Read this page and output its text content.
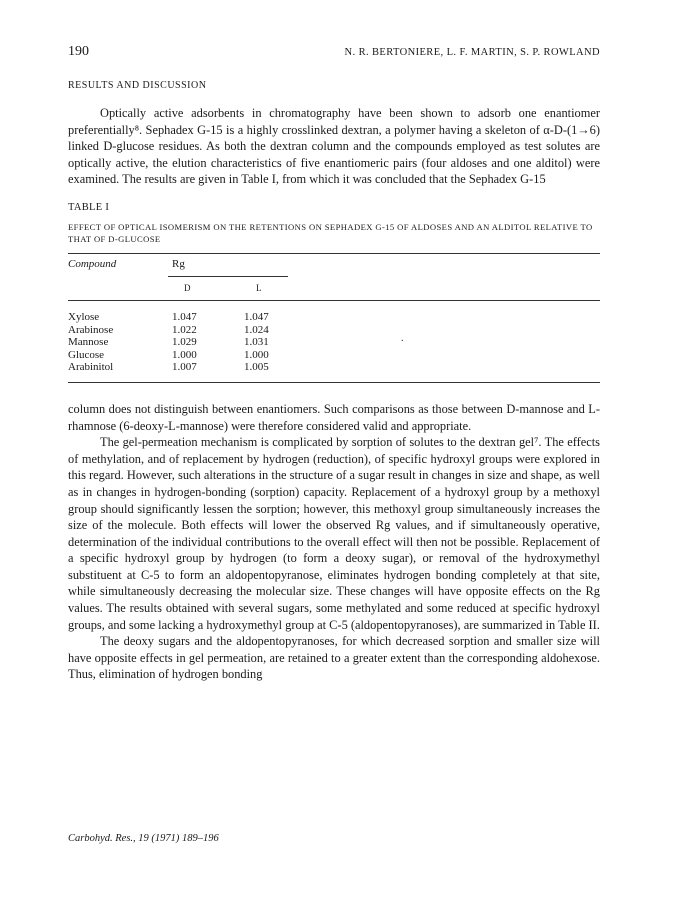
190	N. R. BERTONIERE, L. F. MARTIN, S. P. ROWLAND
RESULTS AND DISCUSSION

Optically active adsorbents in chromatography have been shown to adsorb one enantiomer preferentially⁸. Sephadex G-15 is a highly crosslinked dextran, a polymer having a skeleton of α-D-(1→6) linked D-glucose residues. As both the dextran column and the compounds employed as test solutes are optically active, the elution characteristics of five enantiomeric pairs (four aldoses and one alditol) were examined. The results are given in Table I, from which it was concluded that the Sephadex G-15

TABLE I
EFFECT OF OPTICAL ISOMERISM ON THE RETENTIONS ON SEPHADEX G-15 OF ALDOSES AND AN ALDITOL RELATIVE TO THAT OF D-GLUCOSE
Compound	Rg
D	L
.
Xylose	1.047	1.047
Arabinose	1.022	1.024
Mannose	1.029	1.031
Glucose	1.000	1.000
Arabinitol	1.007	1.005

column does not distinguish between enantiomers. Such comparisons as those between D-mannose and L-rhamnose (6-deoxy-L-mannose) were therefore considered valid and appropriate.

The gel-permeation mechanism is complicated by sorption of solutes to the dextran gel⁷. The effects of methylation, and of replacement by hydrogen (reduction), of specific hydroxyl groups were explored in this regard. However, such alterations in the structure of a sugar result in changes in size and shape, as well as in changes in hydrogen-bonding (sorption) capacity. Replacement of a hydroxyl group by a methoxyl group should significantly lessen the sorption; however, this methoxyl group simultaneously increases the size of the molecule. Both effects will lower the observed Rg values, and if simultaneously operative, determination of the individual contributions to the overall effect will then not be possible. Replacement of a specific hydroxyl group by hydrogen (to form a deoxy sugar), or removal of the hydroxymethyl substituent at C-5 to form an aldopentopyranose, eliminates hydrogen bonding completely at that site, while simultaneously decreasing the molecular size. These changes will have opposite effects on the Rg values. The results obtained with several sugars, some methylated and some reduced at specific hydroxyl groups, and some lacking a hydroxymethyl group at C-5 (aldopentopyranoses), are summarized in Table II.

The deoxy sugars and the aldopentopyranoses, for which decreased sorption and smaller size will have opposite effects in gel permeation, are retained to a greater extent than the corresponding aldohexose. Thus, elimination of hydrogen bonding

Carbohyd. Res., 19 (1971) 189–196
